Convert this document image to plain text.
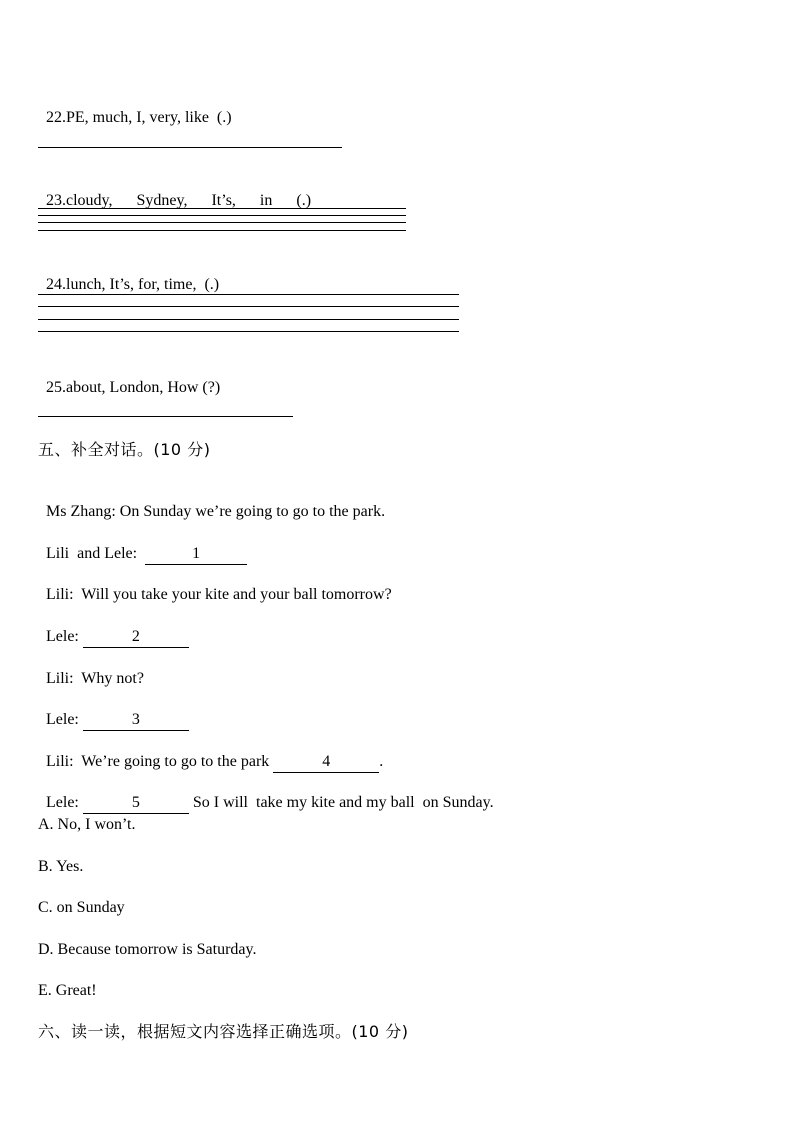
22.PE, much, I, very, like  (.)

23.cloudy,      Sydney,      It’s,      in      (.)

24.lunch, It’s, for, time,  (.)

25.about, London, How (?)

五、补全对话。(10 分)

Ms Zhang: On Sunday we’re going to go to the park.

Lili  and Lele:	1

Lili:  Will you take your kite and your ball tomorrow?

Lele:	2

Lili:  Why not?

Lele:	3

Lili:  We’re going to go to the park	4	.

Lele:	5	So I will  take my kite and my ball  on Sunday.

A. No, I won’t.
B. Yes.
C. on Sunday
D. Because tomorrow is Saturday.
E. Great!
六、读一读，根据短文内容选择正确选项。(10 分)
